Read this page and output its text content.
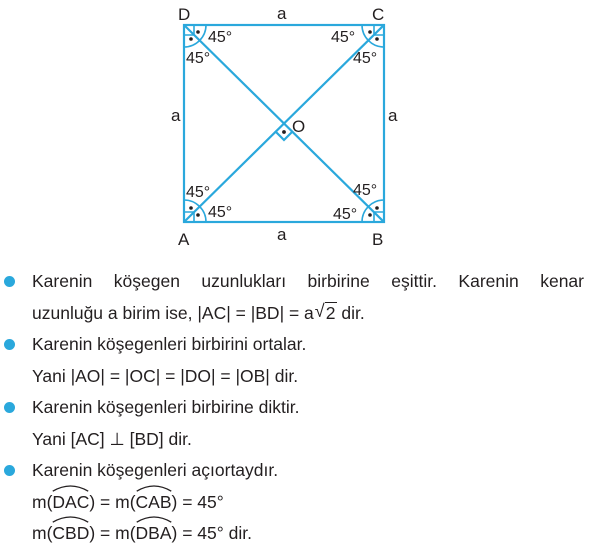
D	C
A	B
O
a
a
a	a
45°
45°
45°
45°
45°
45°
45°
45°
Karenin köşegen uzunlukları birbirine eşittir. Karenin kenar
uzunluğu a birim ise, |AC| = |BD| = a √ 2 dir.
Karenin köşegenleri birbirini ortalar.
Yani |AO| = |OC| = |DO| = |OB| dir.
Karenin köşegenleri birbirine diktir.
Yani [AC] ⊥ [BD] dir.
Karenin köşegenleri açıortaydır.
m(
DAC) = m(
CAB) = 45°
m(
CBD) = m(
DBA) = 45° dir.
